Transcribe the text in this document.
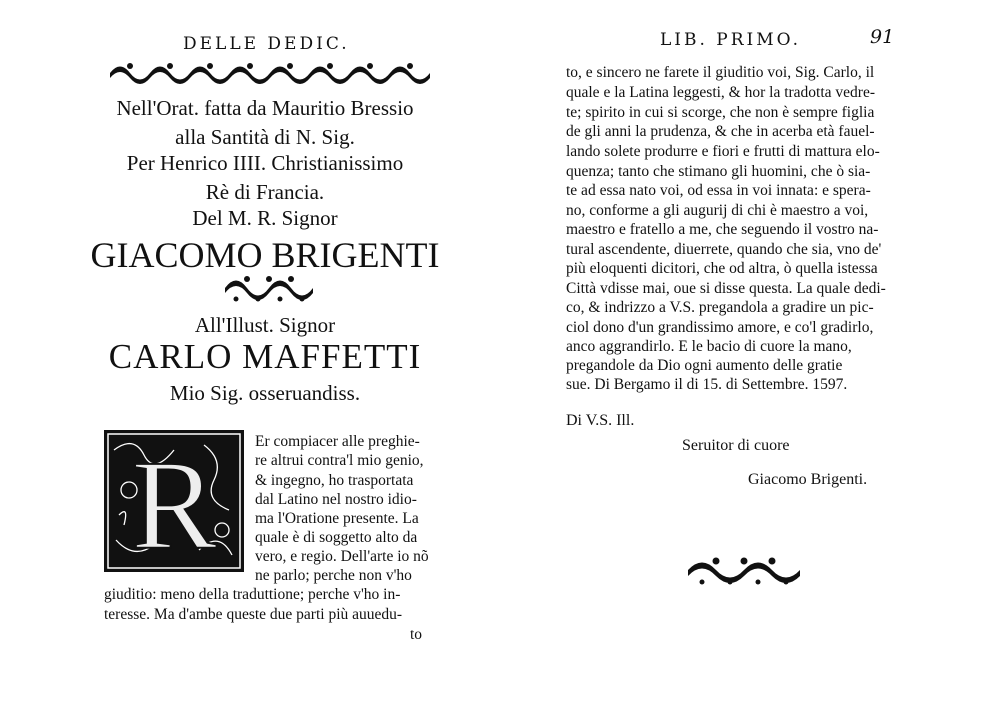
DELLE DEDIC.
Nell'Orat. fatta da Mauritio Bressio
alla Santità di N. Sig.
Per Henrico IIII. Christianissimo
Rè di Francia.
Del M. R. Signor
GIACOMO BRIGENTI
All'Illust. Signor
CARLO MAFFETTI
Mio Sig. osseruandiss.
R Er compiacer alle preghie-
re altrui contra'l mio genio,
& ingegno, ho trasportata
dal Latino nel nostro idio-
ma l'Oratione presente. La
quale è di soggetto alto da
vero, e regio. Dell'arte io nõ
ne parlo; perche non v'ho
giuditio: meno della traduttione; perche v'ho in-
teresse. Ma d'ambe queste due parti più auuedu-
to
LIB. PRIMO.	91
to, e sincero ne farete il giuditio voi, Sig. Carlo, il
quale e la Latina leggesti, & hor la tradotta vedre-
te; spirito in cui si scorge, che non è sempre figlia
de gli anni la prudenza, & che in acerba età fauel-
lando solete produrre e fiori e frutti di mattura elo-
quenza; tanto che stimano gli huomini, che ò sia-
te ad essa nato voi, od essa in voi innata: e sperа-
no, conforme a gli augurij di chi è maestro a voi,
maestro e fratello a me, che seguendo il vostro na-
tural ascendente, diuerrete, quando che sia, vno de'
più eloquenti dicitori, che od altra, ò quella istessa
Città vdisse mai, oue si disse questa. La quale dedi-
co, & indrizzo a V.S. pregandola a gradire un pic-
ciol dono d'un grandissimo amore, e co'l gradirlo,
anco aggrandirlo. E le bacio di cuore la mano,
pregandole da Dio ogni aumento delle gratie
sue. Di Bergamo il di 15. di Settembre. 1597.
Di V.S. Ill.
Seruitor di cuore
Giacomo Brigenti.
